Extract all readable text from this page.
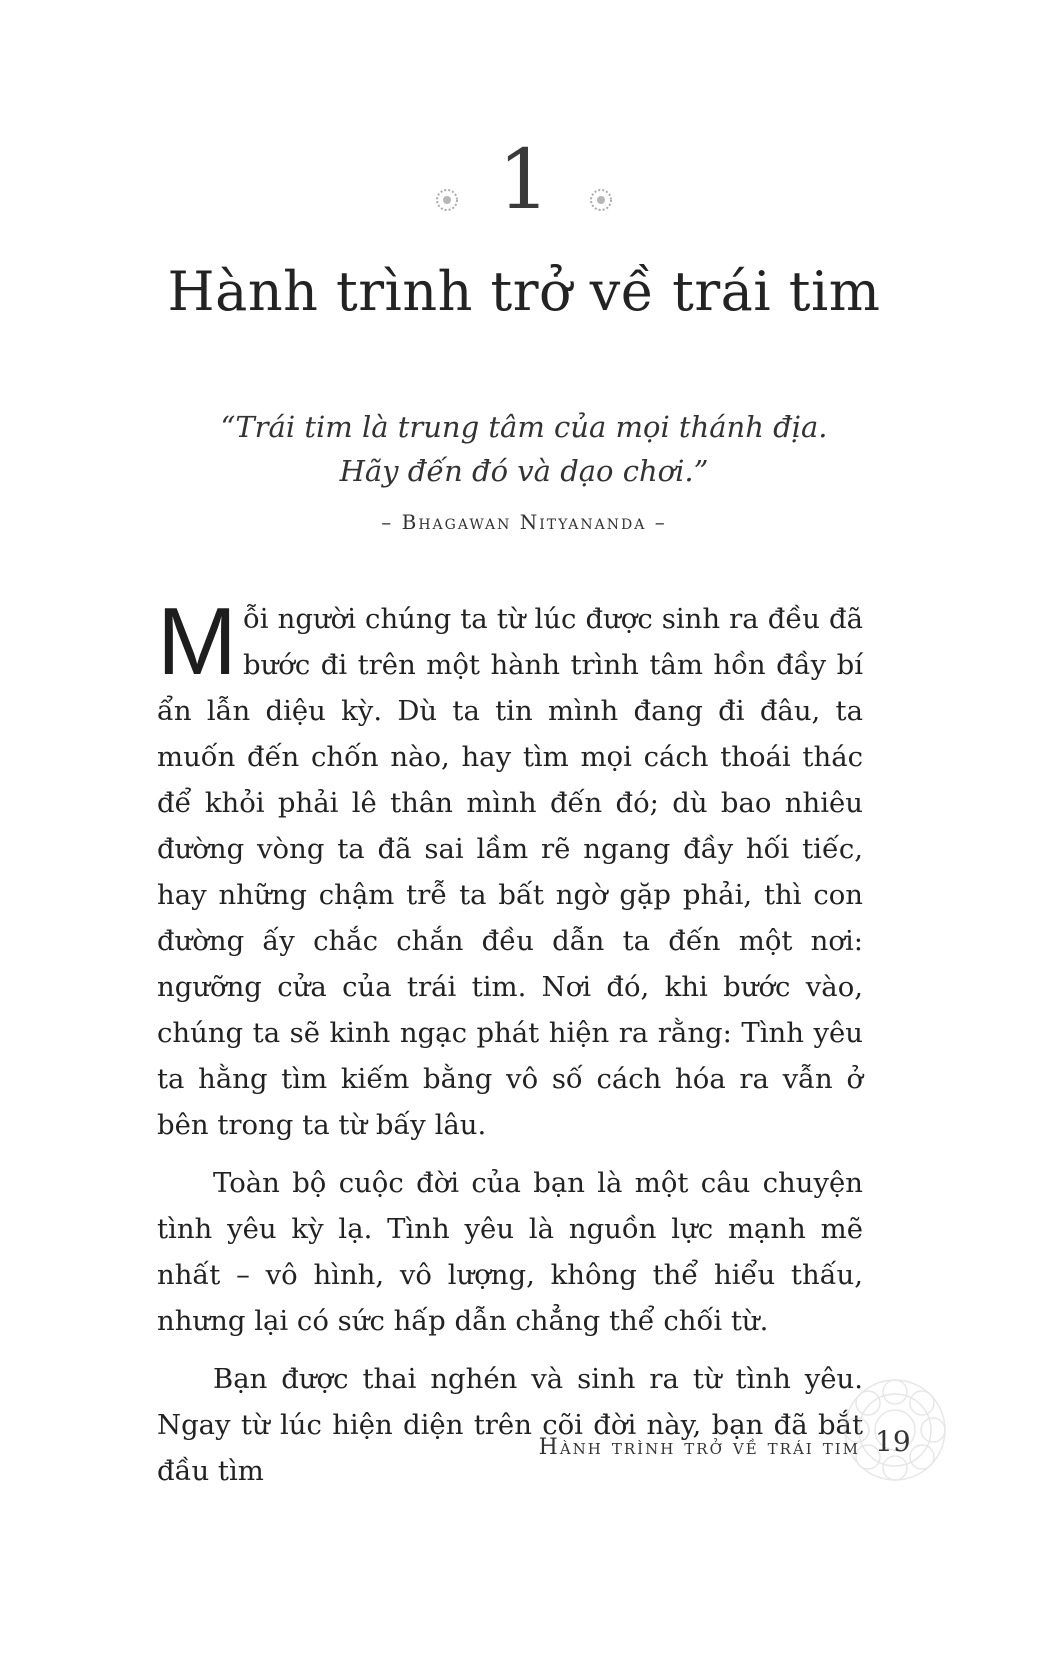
1
Hành trình trở về trái tim
“Trái tim là trung tâm của mọi thánh địa.
Hãy đến đó và dạo chơi.”
– Bhagawan Nityananda –

Mỗi người chúng ta từ lúc được sinh ra đều đã bước đi trên một hành trình tâm hồn đầy bí ẩn lẫn diệu kỳ. Dù ta tin mình đang đi đâu, ta muốn đến chốn nào, hay tìm mọi cách thoái thác để khỏi phải lê thân mình đến đó; dù bao nhiêu đường vòng ta đã sai lầm rẽ ngang đầy hối tiếc, hay những chậm trễ ta bất ngờ gặp phải, thì con đường ấy chắc chắn đều dẫn ta đến một nơi: ngưỡng cửa của trái tim. Nơi đó, khi bước vào, chúng ta sẽ kinh ngạc phát hiện ra rằng: Tình yêu ta hằng tìm kiếm bằng vô số cách hóa ra vẫn ở bên trong ta từ bấy lâu.

Toàn bộ cuộc đời của bạn là một câu chuyện tình yêu kỳ lạ. Tình yêu là nguồn lực mạnh mẽ nhất – vô hình, vô lượng, không thể hiểu thấu, nhưng lại có sức hấp dẫn chẳng thể chối từ.

Bạn được thai nghén và sinh ra từ tình yêu. Ngay từ lúc hiện diện trên cõi đời này, bạn đã bắt đầu tìm

Hành trình trở về trái tim 19
